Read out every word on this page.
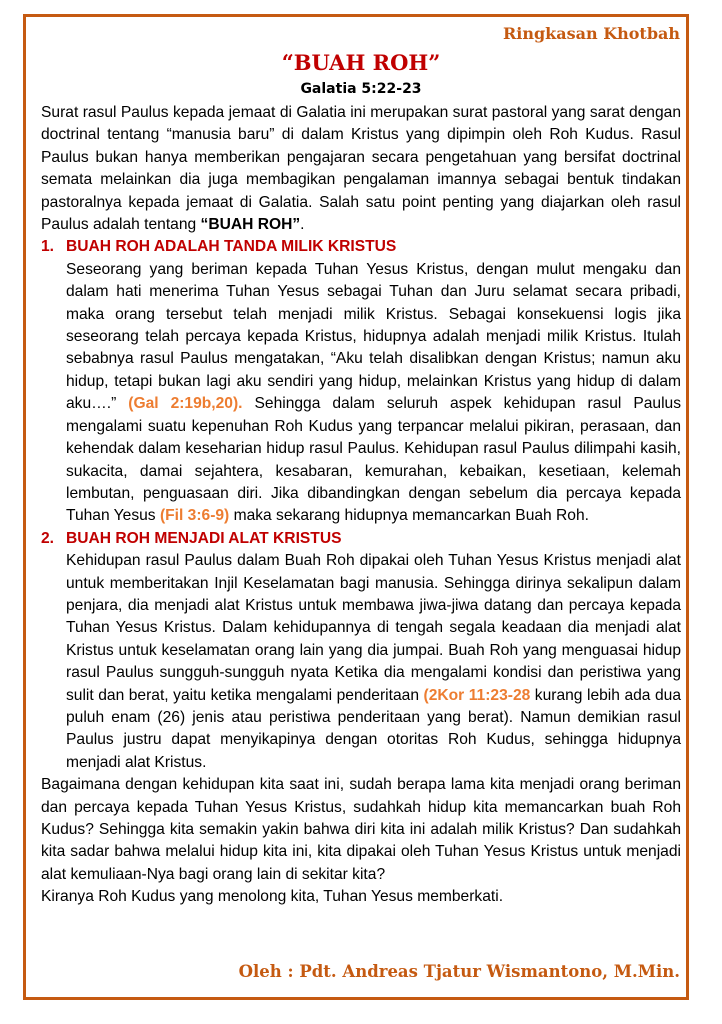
Ringkasan Khotbah
“BUAH ROH”
Galatia 5:22-23

Surat rasul Paulus kepada jemaat di Galatia ini merupakan surat pastoral yang sarat dengan doctrinal tentang “manusia baru” di dalam Kristus yang dipimpin oleh Roh Kudus. Rasul Paulus bukan hanya memberikan pengajaran secara pengetahuan yang bersifat doctrinal semata melainkan dia juga membagikan pengalaman imannya sebagai bentuk tindakan pastoralnya kepada jemaat di Galatia. Salah satu point penting yang diajarkan oleh rasul Paulus adalah tentang “BUAH ROH”.

1. BUAH ROH ADALAH TANDA MILIK KRISTUS

Seseorang yang beriman kepada Tuhan Yesus Kristus, dengan mulut mengaku dan dalam hati menerima Tuhan Yesus sebagai Tuhan dan Juru selamat secara pribadi, maka orang tersebut telah menjadi milik Kristus. Sebagai konsekuensi logis jika seseorang telah percaya kepada Kristus, hidupnya adalah menjadi milik Kristus. Itulah sebabnya rasul Paulus mengatakan, “Aku telah disalibkan dengan Kristus; namun aku hidup, tetapi bukan lagi aku sendiri yang hidup, melainkan Kristus yang hidup di dalam aku….” (Gal 2:19b,20). Sehingga dalam seluruh aspek kehidupan rasul Paulus mengalami suatu kepenuhan Roh Kudus yang terpancar melalui pikiran, perasaan, dan kehendak dalam keseharian hidup rasul Paulus. Kehidupan rasul Paulus dilimpahi kasih, sukacita, damai sejahtera, kesabaran, kemurahan, kebaikan, kesetiaan, kelemah lembutan, penguasaan diri. Jika dibandingkan dengan sebelum dia percaya kepada Tuhan Yesus (Fil 3:6-9) maka sekarang hidupnya memancarkan Buah Roh.

2. BUAH ROH MENJADI ALAT KRISTUS

Kehidupan rasul Paulus dalam Buah Roh dipakai oleh Tuhan Yesus Kristus menjadi alat untuk memberitakan Injil Keselamatan bagi manusia. Sehingga dirinya sekalipun dalam penjara, dia menjadi alat Kristus untuk membawa jiwa-jiwa datang dan percaya kepada Tuhan Yesus Kristus. Dalam kehidupannya di tengah segala keadaan dia menjadi alat Kristus untuk keselamatan orang lain yang dia jumpai. Buah Roh yang menguasai hidup rasul Paulus sungguh-sungguh nyata Ketika dia mengalami kondisi dan peristiwa yang sulit dan berat, yaitu ketika mengalami penderitaan (2Kor 11:23-28 kurang lebih ada dua puluh enam (26) jenis atau peristiwa penderitaan yang berat). Namun demikian rasul Paulus justru dapat menyikapinya dengan otoritas Roh Kudus, sehingga hidupnya menjadi alat Kristus.

Bagaimana dengan kehidupan kita saat ini, sudah berapa lama kita menjadi orang beriman dan percaya kepada Tuhan Yesus Kristus, sudahkah hidup kita memancarkan buah Roh Kudus? Sehingga kita semakin yakin bahwa diri kita ini adalah milik Kristus? Dan sudahkah kita sadar bahwa melalui hidup kita ini, kita dipakai oleh Tuhan Yesus Kristus untuk menjadi alat kemuliaan-Nya bagi orang lain di sekitar kita?

Kiranya Roh Kudus yang menolong kita, Tuhan Yesus memberkati.

Oleh : Pdt. Andreas Tjatur Wismantono, M.Min.
